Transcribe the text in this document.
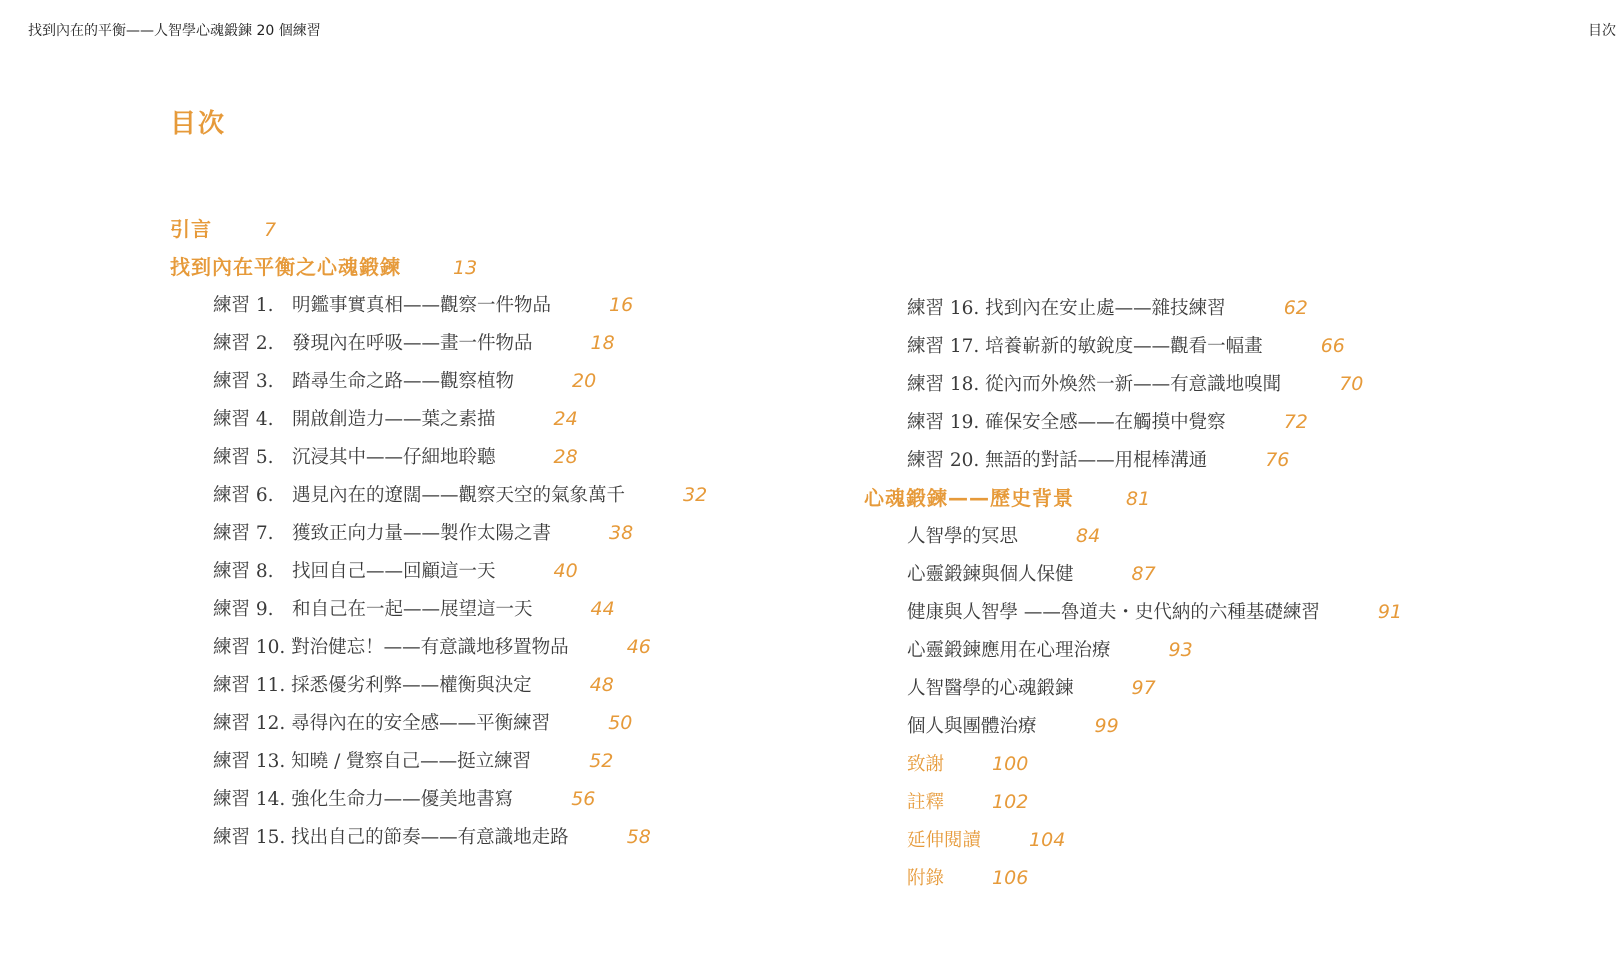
找到內在的平衡——人智學心魂鍛鍊 20 個練習	目次
目次
引言	7
找到內在平衡之心魂鍛鍊	13
練習 1.　明鑑事實真相——觀察一件物品	16
練習 2.　發現內在呼吸——畫一件物品	18
練習 3.　踏尋生命之路——觀察植物	20
練習 4.　開啟創造力——葉之素描	24
練習 5.　沉浸其中——仔細地聆聽	28
練習 6.　遇見內在的遼闊——觀察天空的氣象萬千	32
練習 7.　獲致正向力量——製作太陽之書	38
練習 8.　找回自己——回顧這一天	40
練習 9.　和自己在一起——展望這一天	44
練習 10. 對治健忘！——有意識地移置物品	46
練習 11. 採悉優劣利弊——權衡與決定	48
練習 12. 尋得內在的安全感——平衡練習	50
練習 13. 知曉 / 覺察自己——挺立練習	52
練習 14. 強化生命力——優美地書寫	56
練習 15. 找出自己的節奏——有意識地走路	58
練習 16. 找到內在安止處——雜技練習	62
練習 17. 培養嶄新的敏銳度——觀看一幅畫	66
練習 18. 從內而外煥然一新——有意識地嗅聞	70
練習 19. 確保安全感——在觸摸中覺察	72
練習 20. 無語的對話——用棍棒溝通	76
心魂鍛鍊——歷史背景	81
人智學的冥思	84
心靈鍛鍊與個人保健	87
健康與人智學 ——魯道夫・史代納的六種基礎練習	91
心靈鍛鍊應用在心理治療	93
人智醫學的心魂鍛鍊	97
個人與團體治療	99
致謝	100
註釋	102
延伸閱讀	104
附錄	106
